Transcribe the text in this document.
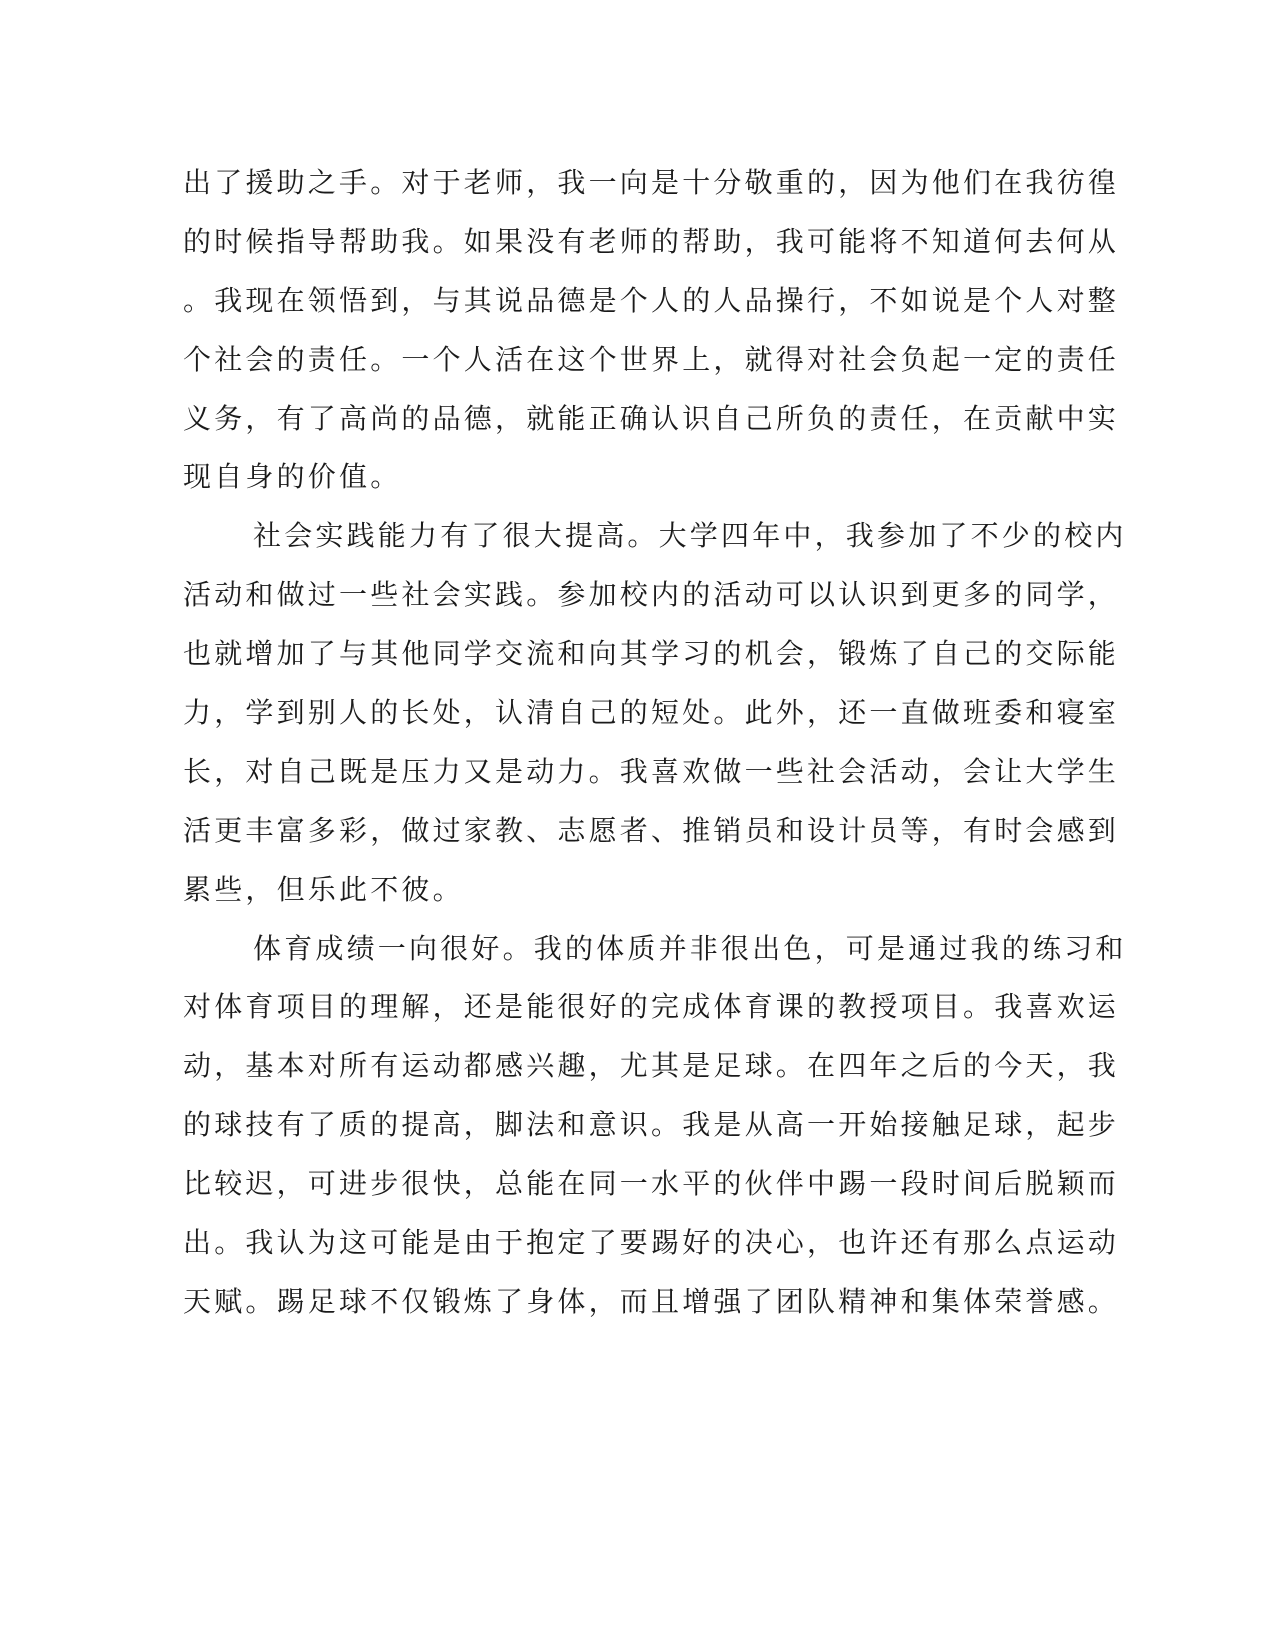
出了援助之手。对于老师，我一向是十分敬重的，因为他们在我彷徨
的时候指导帮助我。如果没有老师的帮助，我可能将不知道何去何从
。我现在领悟到，与其说品德是个人的人品操行，不如说是个人对整
个社会的责任。一个人活在这个世界上，就得对社会负起一定的责任
义务，有了高尚的品德，就能正确认识自己所负的责任，在贡献中实
现自身的价值。
社会实践能力有了很大提高。大学四年中，我参加了不少的校内
活动和做过一些社会实践。参加校内的活动可以认识到更多的同学，
也就增加了与其他同学交流和向其学习的机会，锻炼了自己的交际能
力，学到别人的长处，认清自己的短处。此外，还一直做班委和寝室
长，对自己既是压力又是动力。我喜欢做一些社会活动，会让大学生
活更丰富多彩，做过家教、志愿者、推销员和设计员等，有时会感到
累些，但乐此不彼。
体育成绩一向很好。我的体质并非很出色，可是通过我的练习和
对体育项目的理解，还是能很好的完成体育课的教授项目。我喜欢运
动，基本对所有运动都感兴趣，尤其是足球。在四年之后的今天，我
的球技有了质的提高，脚法和意识。我是从高一开始接触足球，起步
比较迟，可进步很快，总能在同一水平的伙伴中踢一段时间后脱颖而
出。我认为这可能是由于抱定了要踢好的决心，也许还有那么点运动
天赋。踢足球不仅锻炼了身体，而且增强了团队精神和集体荣誉感。
